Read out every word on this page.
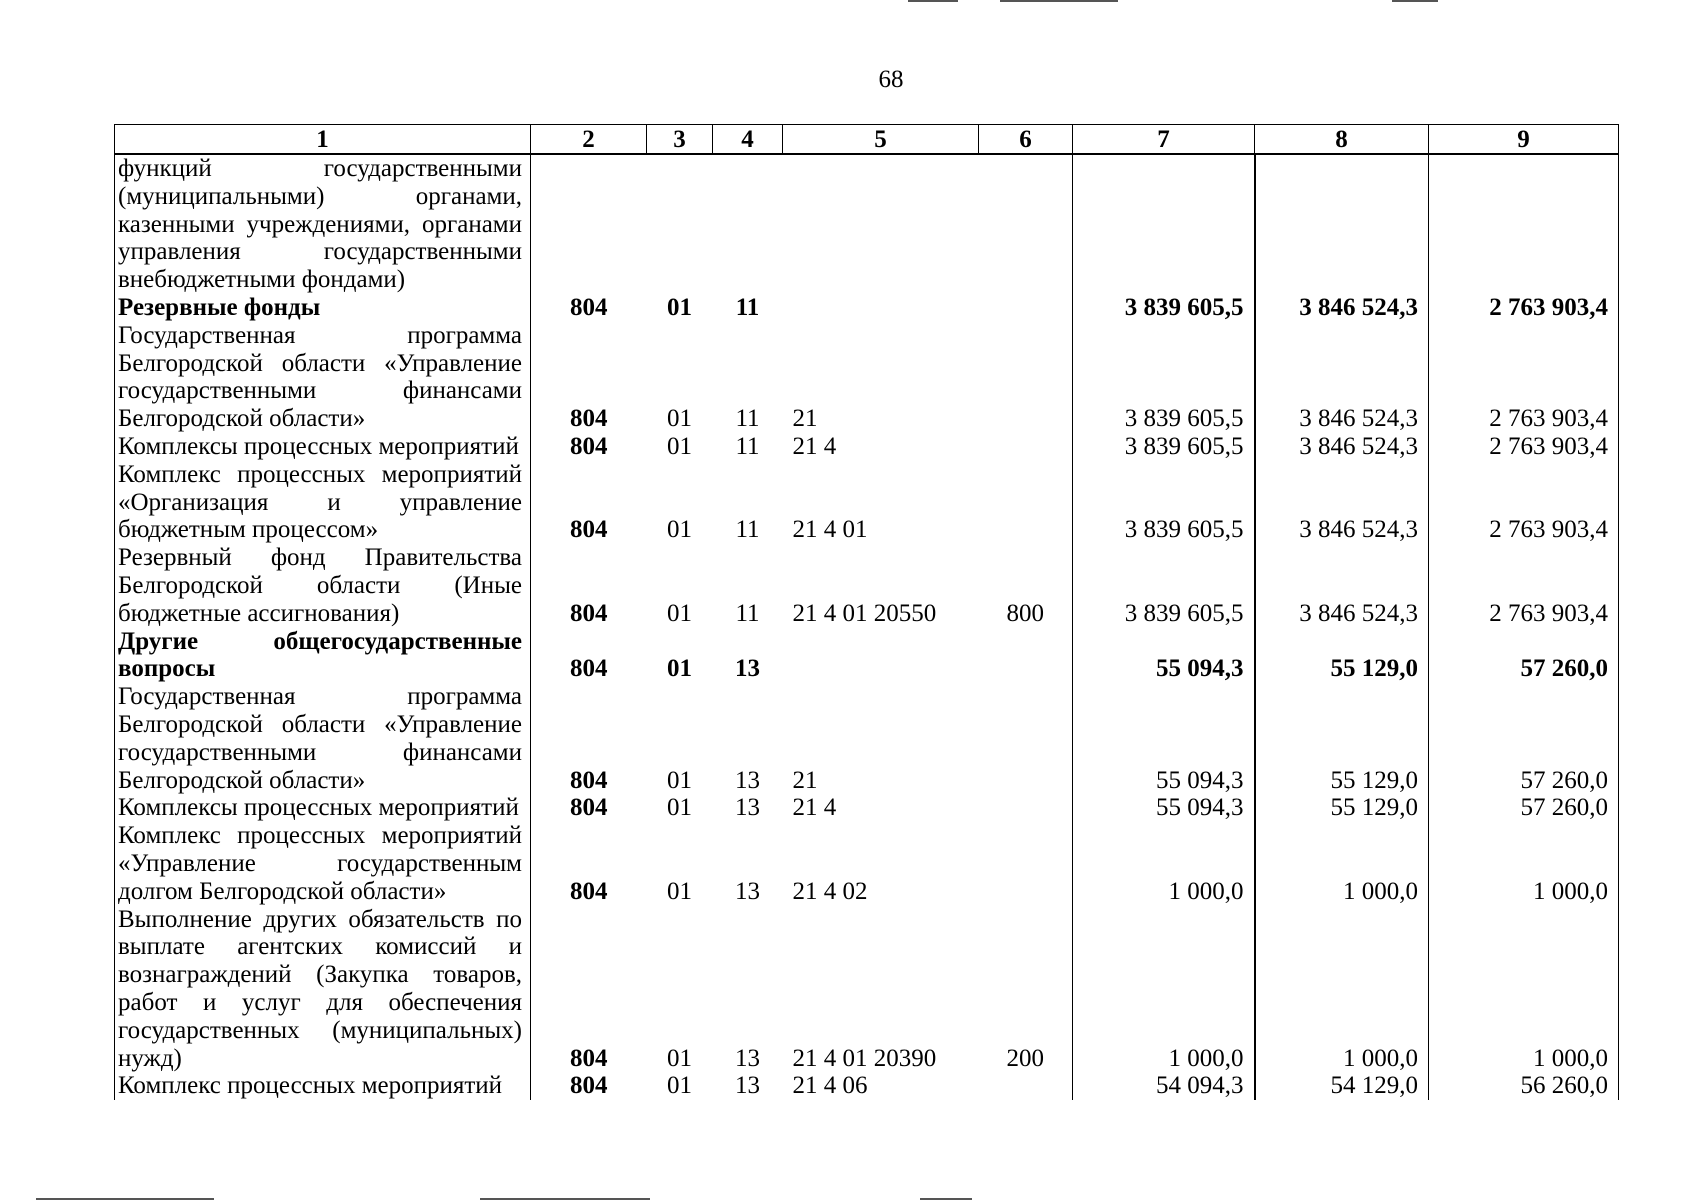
68
1	2	3	4	5	6	7	8	9
функций государственными (муниципальными) органами, казенными учреждениями, органами управления государственными внебюджетными фондами)								
Резервные фонды	804	01	11			3 839 605,5	3 846 524,3	2 763 903,4
Государственная программа Белгородской области «Управление государственными финансами Белгородской области»	804	01	11	21		3 839 605,5	3 846 524,3	2 763 903,4
Комплексы процессных мероприятий	804	01	11	21 4		3 839 605,5	3 846 524,3	2 763 903,4
Комплекс процессных мероприятий «Организация и управление бюджетным процессом»	804	01	11	21 4 01		3 839 605,5	3 846 524,3	2 763 903,4
Резервный фонд Правительства Белгородской области (Иные бюджетные ассигнования)	804	01	11	21 4 01 20550	800	3 839 605,5	3 846 524,3	2 763 903,4
Другие общегосударственные вопросы	804	01	13			55 094,3	55 129,0	57 260,0
Государственная программа Белгородской области «Управление государственными финансами Белгородской области»	804	01	13	21		55 094,3	55 129,0	57 260,0
Комплексы процессных мероприятий	804	01	13	21 4		55 094,3	55 129,0	57 260,0
Комплекс процессных мероприятий «Управление государственным долгом Белгородской области»	804	01	13	21 4 02		1 000,0	1 000,0	1 000,0
Выполнение других обязательств по выплате агентских комиссий и вознаграждений (Закупка товаров, работ и услуг для обеспечения государственных (муниципальных) нужд)	804	01	13	21 4 01 20390	200	1 000,0	1 000,0	1 000,0
Комплекс процессных мероприятий	804	01	13	21 4 06		54 094,3	54 129,0	56 260,0
